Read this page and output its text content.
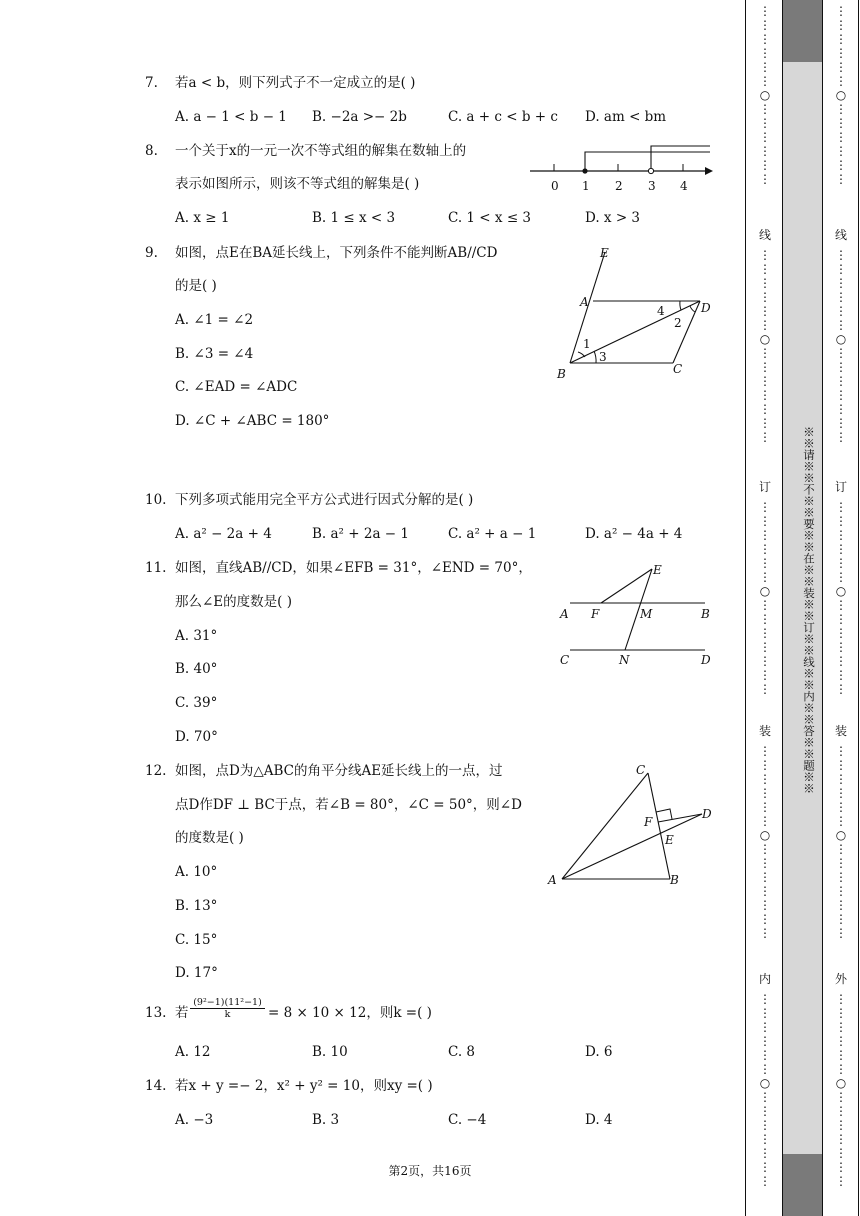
7. 若a < b，则下列式子不一定成立的是( )
A. a − 1 < b − 1 B. −2a >− 2b	C. a + c < b + c D. am < bm
8. 一个关于x的一元一次不等式组的解集在数轴上的
表示如图所示，则该不等式组的解集是( )
A. x ≥ 1	B. 1 ≤ x < 3	C. 1 < x ≤ 3	D. x > 3
0 1 2 3 4
9. 如图，点E在BA延长线上，下列条件不能判断AB//CD
的是( )
A. ∠1 = ∠2
B. ∠3 = ∠4
C. ∠EAD = ∠ADC
D. ∠C + ∠ABC = 180°
E
A	D
B	C
1
2
3
4
10. 下列多项式能用完全平方公式进行因式分解的是( )
A. a² − 2a + 4	B. a² + 2a − 1	C. a² + a − 1	D. a² − 4a + 4
11. 如图，直线AB//CD，如果∠EFB = 31°，∠END = 70°，
那么∠E的度数是( )
A. 31°
B. 40°
C. 39°
D. 70°
E
A F	M	B
C	N	D
12. 如图，点D为△ABC的角平分线AE延长线上的一点，过
点D作DF ⊥ BC于点，若∠B = 80°，∠C = 50°，则∠D
的度数是( )
A. 10°
B. 13°
C. 15°
D. 17°
C
F
E
D
A	B
13. 若 $\frac{\text{(9²−1)(11²−1)}}{k} = 8 \times 10 \times 12$，则k =( )
A. 12	B. 10	C. 8	D. 6
14. 若x + y =− 2，x² + y² = 10，则xy =( )
A. −3	B. 3	C. −4	D. 4
第2页，共16页
※※请※※不※※要※※在※※装※※订※※线※※内※※答※※题※※
⋮
⋮
⋮
⋮
⋮
⋮
○
⋮
⋮
⋮
⋮
⋮
⋮
线
⋮
⋮
⋮
⋮
⋮
⋮
○
⋮
⋮
⋮
⋮
⋮
⋮
⋮
订
⋮
⋮
⋮
⋮
⋮
⋮
○
⋮
⋮
⋮
⋮
⋮
⋮
⋮
装
⋮
⋮
⋮
⋮
⋮
⋮
○
⋮
⋮
⋮
⋮
⋮
⋮
⋮
内
⋮
⋮
⋮
⋮
⋮
⋮
○
⋮
⋮
⋮
⋮
⋮
⋮
⋮
⋮
⋮
⋮
⋮
⋮
⋮
○
⋮
⋮
⋮
⋮
⋮
⋮
线
⋮
⋮
⋮
⋮
⋮
⋮
○
⋮
⋮
⋮
⋮
⋮
⋮
⋮
订
⋮
⋮
⋮
⋮
⋮
⋮
○
⋮
⋮
⋮
⋮
⋮
⋮
⋮
装
⋮
⋮
⋮
⋮
⋮
⋮
○
⋮
⋮
⋮
⋮
⋮
⋮
⋮
外
⋮
⋮
⋮
⋮
⋮
⋮
○
⋮
⋮
⋮
⋮
⋮
⋮
⋮
